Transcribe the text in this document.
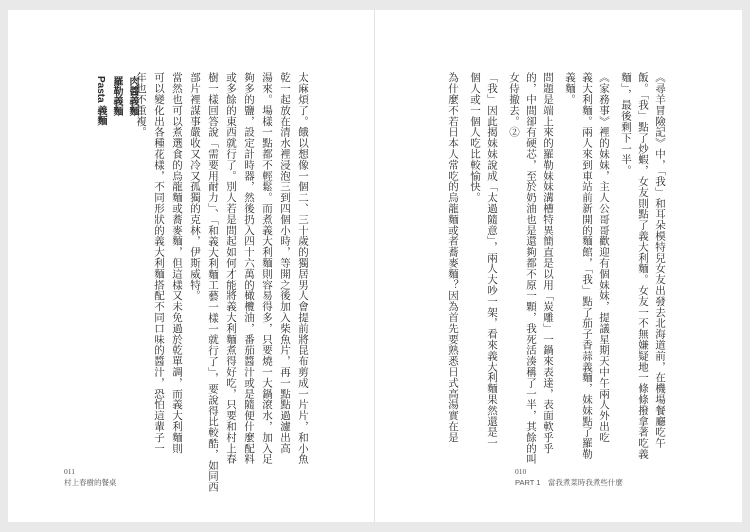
肉醬義麵
羅勒義麵
Pasta 義麵	太麻煩了。餓以想像一個二、三十歲的獨居男人會提前將昆布剪成一片片，和小魚
乾一起放在清水裡浸泡三到四個小時，等開之後加入柴魚片，再一點點過濾出高
湯來。場樣一點都不輕鬆。而煮義大利麵則容易得多，只要燒一大鍋滾水，加入足
夠多的鹽，設定計時器，然後扔入四十六萬的橄欖油，番茄醬汁或是隨便什麼配料
或多餘的東西就行了。別人若是問起如何才能將義大利麵煮得好吃，只要和村上春
樹一樣回答說「需要用耐力」、「和義大利麵工藝一樣一就行了」，要說得比較酷，如同西
部片裡謀事嚴收又冷又孤獨的克林，伊斯威特。
當然也可以煮選食的烏龍麵或蕎麥麵，但這樣又未免過於乾單調，而義大利麵則
可以變化出各種花樣，不同形狀的義大利麵搭配不同口味的醬汁，恐怕這輩子一
年也不重複。
011
村上春樹的餐桌
《尋羊冒險記》中，「我」和耳朵模特兒女友出發去北海道前，在機場餐廳吃午
飯。「我」點了炒蝦，女友則點了義大利麵。女友一不無嫌疑地一條條撥拿著吃義
麵」，最後剩下一半。
《家務事》裡的妹妹，主人公哥哥歡迎有個妹妹，提議星期天中午兩人外出吃
義大利麵。兩人來到車站前新開的麵館，「我」點了茄子香蒜義麵，妹妹點了羅勒
義麵。
問題是端上來的羅勒妹妹溝槽特異簡直是以用「炭雕」一鍋來表達，表面軟乎乎
的，中間卻有硬芯，至於奶油也是還夠都不原一顆，我死活湊稱了一半，其餘的叫
女侍撤去。②
「我」因此揭妹妹說成「太過隨意」，兩人大吵一架，看來義大利麵果然還是一
個人或一個人吃比較愉快。
為什麼不若日本人常吃的烏龍麵或者蕎麥麵？因為首先要熟悉日式高湯實在是
010
PART 1　當我煮菜時我煮些什麼
